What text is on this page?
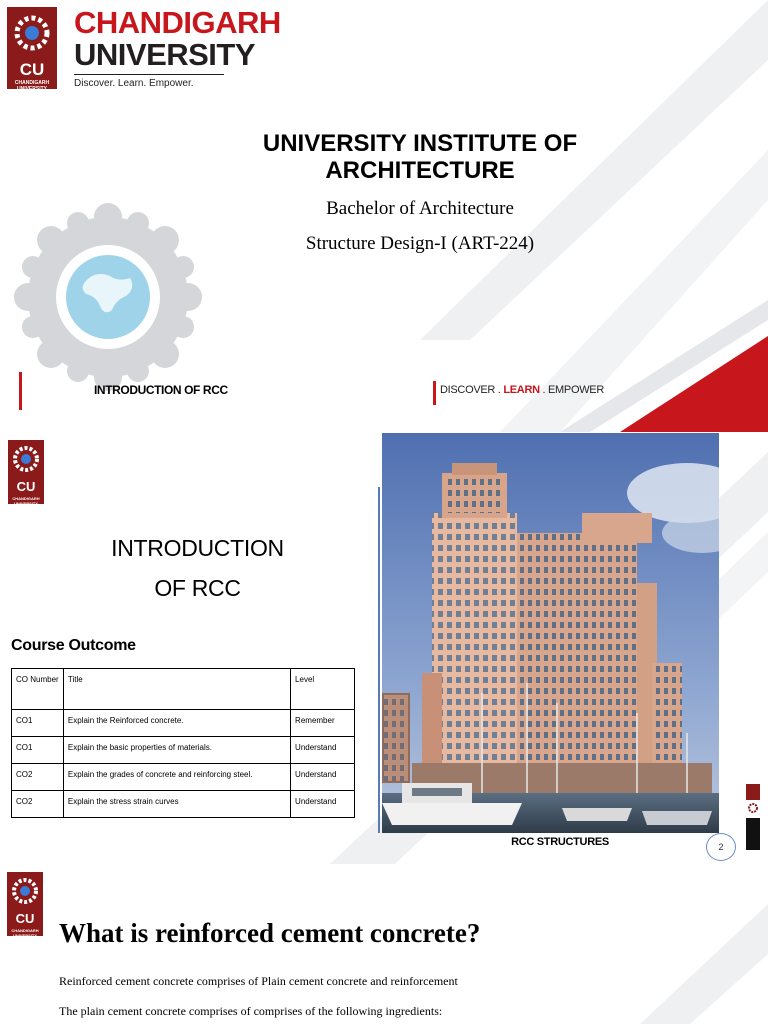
CU
CHANDIGARH UNIVERSITY
CHANDIGARH
UNIVERSITY
Discover. Learn. Empower.
UNIVERSITY INSTITUTE OF
ARCHITECTURE
Bachelor of Architecture
Structure Design-I (ART-224)
INTRODUCTION OF RCC	DISCOVER . LEARN . EMPOWER
CU
CHANDIGARH UNIVERSITY
INTRODUCTION
OF RCC
Course Outcome
CO Number	Title	Level
CO1	Explain the Reinforced concrete.	Remember
CO1	Explain the basic properties of materials.	Understand
CO2	Explain the grades of concrete and reinforcing steel.	Understand
CO2	Explain the stress strain curves	Understand
RCC STRUCTURES	2
CU
CHANDIGARH UNIVERSITY What is reinforced cement concrete?
Reinforced cement concrete comprises of Plain cement concrete and reinforcement
The plain cement concrete comprises of comprises of the following ingredients:
